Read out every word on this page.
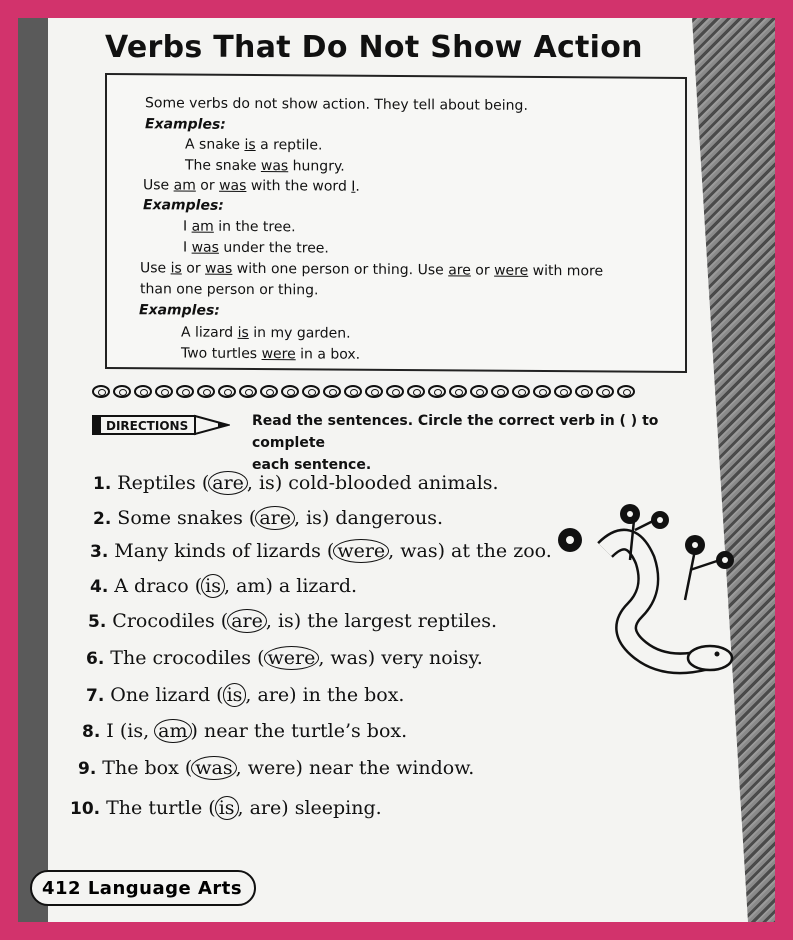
Verbs That Do Not Show Action
Some verbs do not show action. They tell about being.
Examples:
A snake is a reptile.
The snake was hungry.
Use am or was with the word I.
Examples:
I am in the tree.
I was under the tree.
Use is or was with one person or thing. Use are or were with more
than one person or thing.
Examples:
A lizard is in my garden.
Two turtles were in a box.
DIRECTIONS	Read the sentences. Circle the correct verb in ( ) to complete
each sentence.
1. Reptiles ( are , is) cold-blooded animals.
2. Some snakes ( are , is) dangerous.
3. Many kinds of lizards ( were , was) at the zoo.
4. A draco ( is , am) a lizard.
5. Crocodiles ( are , is) the largest reptiles.
6. The crocodiles ( were , was) very noisy.
7. One lizard ( is , are) in the box.
8. I (is, am ) near the turtle’s box.
9. The box ( was , were) near the window.
10. The turtle ( is , are) sleeping.
412 Language Arts
